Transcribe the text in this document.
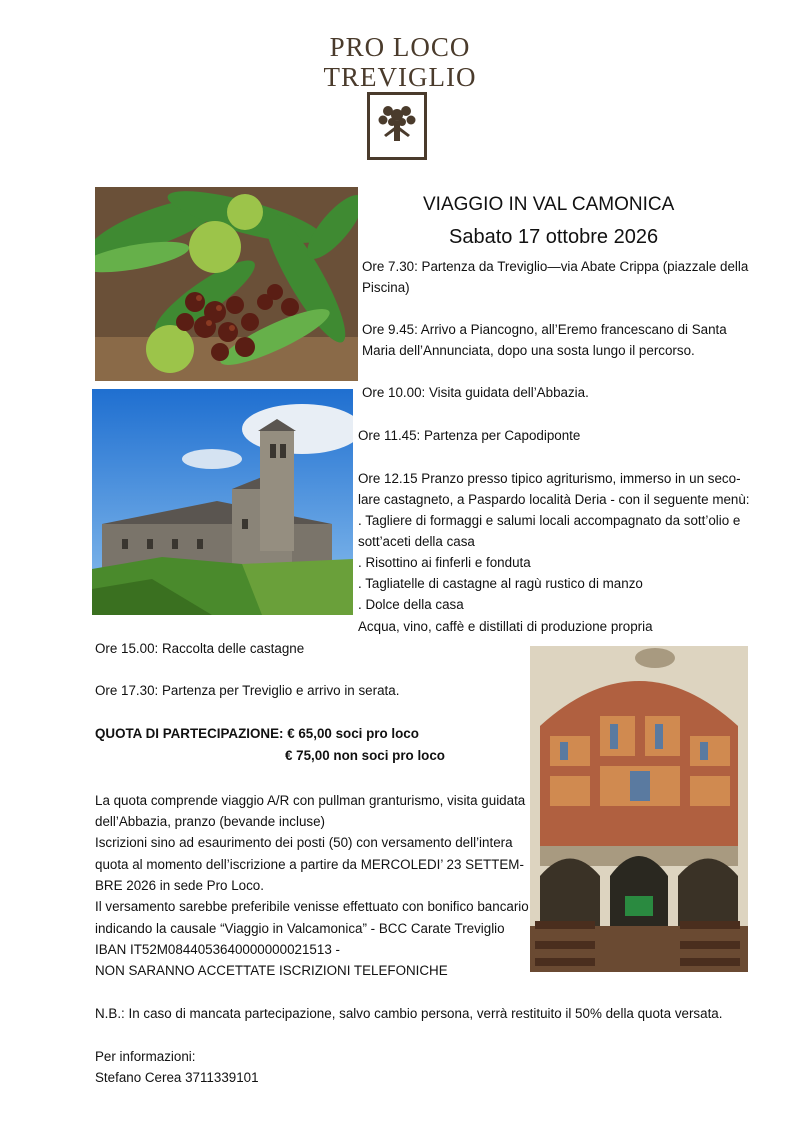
PRO LOCO
TREVIGLIO
VIAGGIO IN VAL CAMONICA
Sabato 17 ottobre 2026
Ore 7.30: Partenza da Treviglio—via Abate Crippa (piazzale della
Piscina)
Ore 9.45: Arrivo a Piancogno, all’Eremo francescano di Santa
Maria dell’Annunciata, dopo una sosta lungo il percorso.
Ore 10.00: Visita guidata dell’Abbazia.
Ore 11.45: Partenza per Capodiponte
Ore 12.15 Pranzo presso tipico agriturismo, immerso in un seco-
lare castagneto, a Paspardo località Deria - con il seguente menù:
. Tagliere di formaggi e salumi locali accompagnato da sott’olio e
sott’aceti della casa
. Risottino ai finferli e fonduta
. Tagliatelle di castagne al ragù rustico di manzo
. Dolce della casa
Acqua, vino, caffè e distillati di produzione propria
Ore 15.00: Raccolta delle castagne
Ore 17.30: Partenza per Treviglio e arrivo in serata.
QUOTA DI PARTECIPAZIONE: € 65,00 soci pro loco
€ 75,00 non soci pro loco
La quota comprende viaggio A/R con pullman granturismo, visita guidata
dell’Abbazia, pranzo (bevande incluse)
Iscrizioni sino ad esaurimento dei posti (50) con versamento dell’intera
quota al momento dell’iscrizione a partire da MERCOLEDI’ 23 SETTEM-
BRE 2026 in sede Pro Loco.
Il versamento sarebbe preferibile venisse effettuato con bonifico bancario
indicando la causale “Viaggio in Valcamonica” - BCC Carate Treviglio
IBAN IT52M0844053640000000021513 -
NON SARANNO ACCETTATE ISCRIZIONI TELEFONICHE
N.B.: In caso di mancata partecipazione, salvo cambio persona, verrà restituito il 50% della quota versata.
Per informazioni:
Stefano Cerea 3711339101
